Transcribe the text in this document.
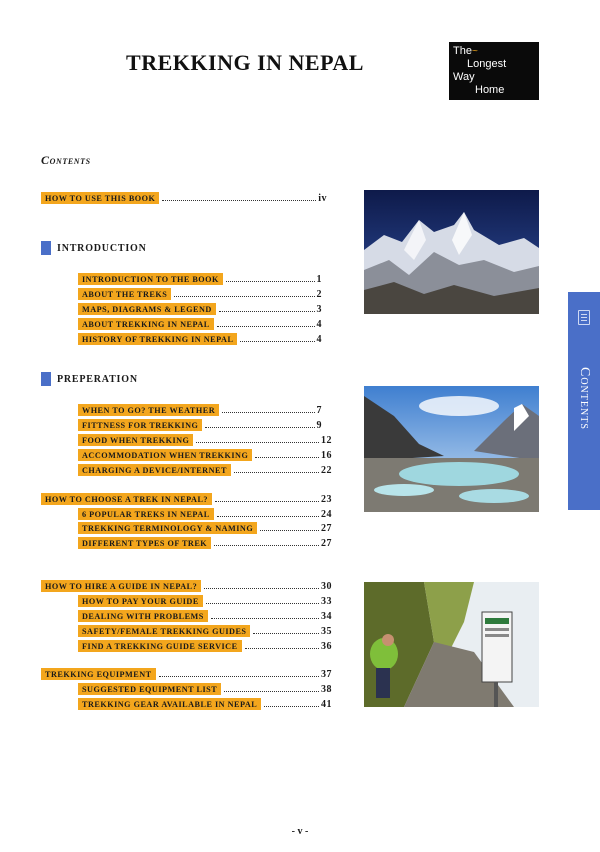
TREKKING IN NEPAL	The~
Longest
Way
Home
Contents
HOW TO USE THIS BOOK	iv
INTRODUCTION
INTRODUCTION TO THE BOOK	1
ABOUT THE TREKS	2
MAPS, DIAGRAMS & LEGEND	3
ABOUT TREKKING IN NEPAL	4
HISTORY OF TREKKING IN NEPAL	4
PREPERATION
WHEN TO GO? THE WEATHER	7
FITTNESS FOR TREKKING	9
FOOD WHEN TREKKING	12
ACCOMMODATION WHEN TREKKING	16
CHARGING A DEVICE/INTERNET	22
HOW TO CHOOSE A TREK IN NEPAL?	23
6 POPULAR TREKS IN NEPAL	24
TREKKING TERMINOLOGY & NAMING	27
DIFFERENT TYPES OF TREK	27
HOW TO HIRE A GUIDE IN NEPAL?	30
HOW TO PAY YOUR GUIDE	33
DEALING WITH PROBLEMS	34
SAFETY/FEMALE TREKKING GUIDES	35
FIND A TREKKING GUIDE SERVICE	36
TREKKING EQUIPMENT	37
SUGGESTED EQUIPMENT LIST	38
TREKKING GEAR AVAILABLE IN NEPAL	41
Contents
- v -
